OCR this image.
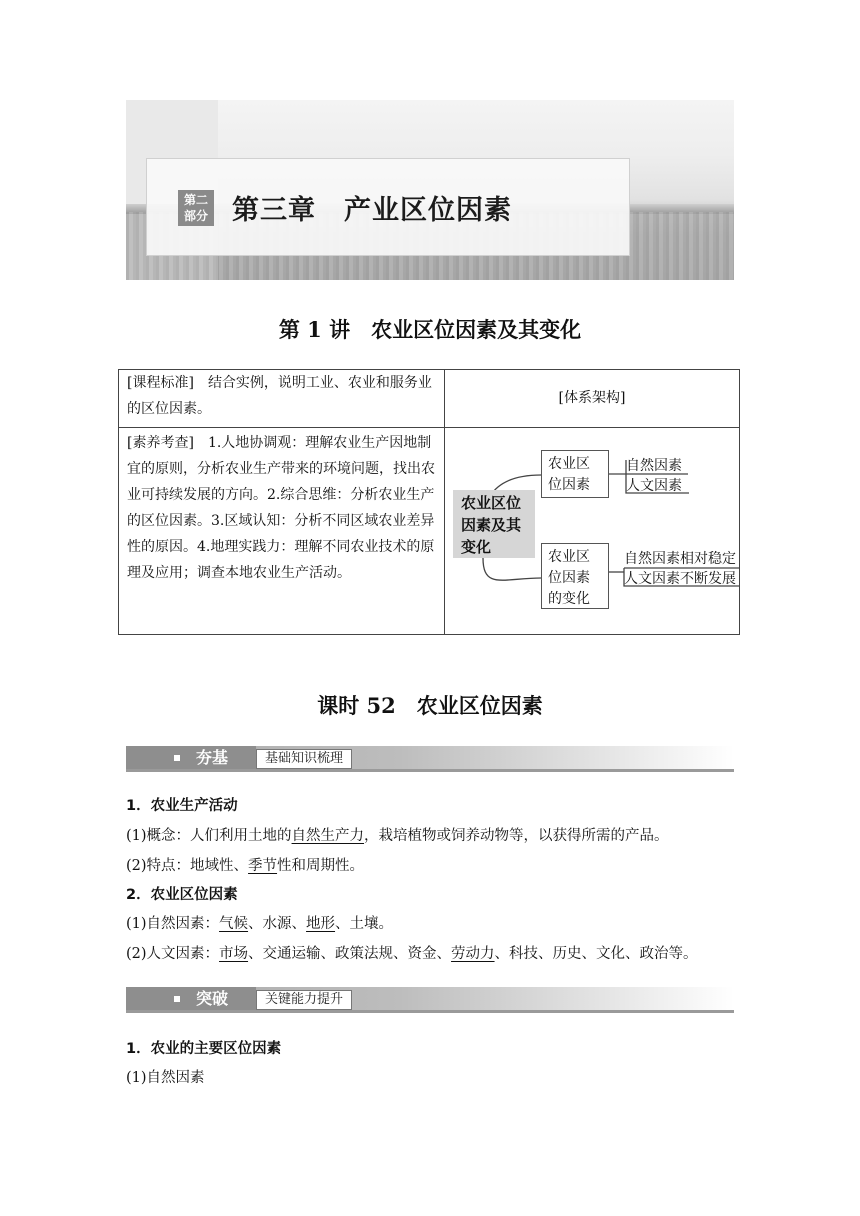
第二
部分 第三章　产业区位因素
第 1 讲　农业区位因素及其变化
[课程标准]　 结合实例，说明工业、农业和服务业的区位因素。
[体系架构]
[素养考查]　 1.人地协调观：理解农业生产因地制宜的原则，分析农业生产带来的环境问题，找出农业可持续发展的方向。2.综合思维：分析农业生产的区位因素。3.区域认知：分析不同区域农业差异性的原因。4.地理实践力：理解不同农业技术的原理及应用；调查本地农业生产活动。
农业区位因素及其变化
农业区位因素
农业区位因素的变化
自然因素
人文因素
自然因素相对稳定
人文因素不断发展
课时 52　农业区位因素
夯基	基础知识梳理
1．农业生产活动
(1)概念：人们利用土地的自然生产力，栽培植物或饲养动物等，以获得所需的产品。
(2)特点：地域性、季节性和周期性。
2．农业区位因素
(1)自然因素：气候、水源、地形、土壤。
(2)人文因素：市场、交通运输、政策法规、资金、劳动力、科技、历史、文化、政治等。
突破	关键能力提升
1．农业的主要区位因素
(1)自然因素
